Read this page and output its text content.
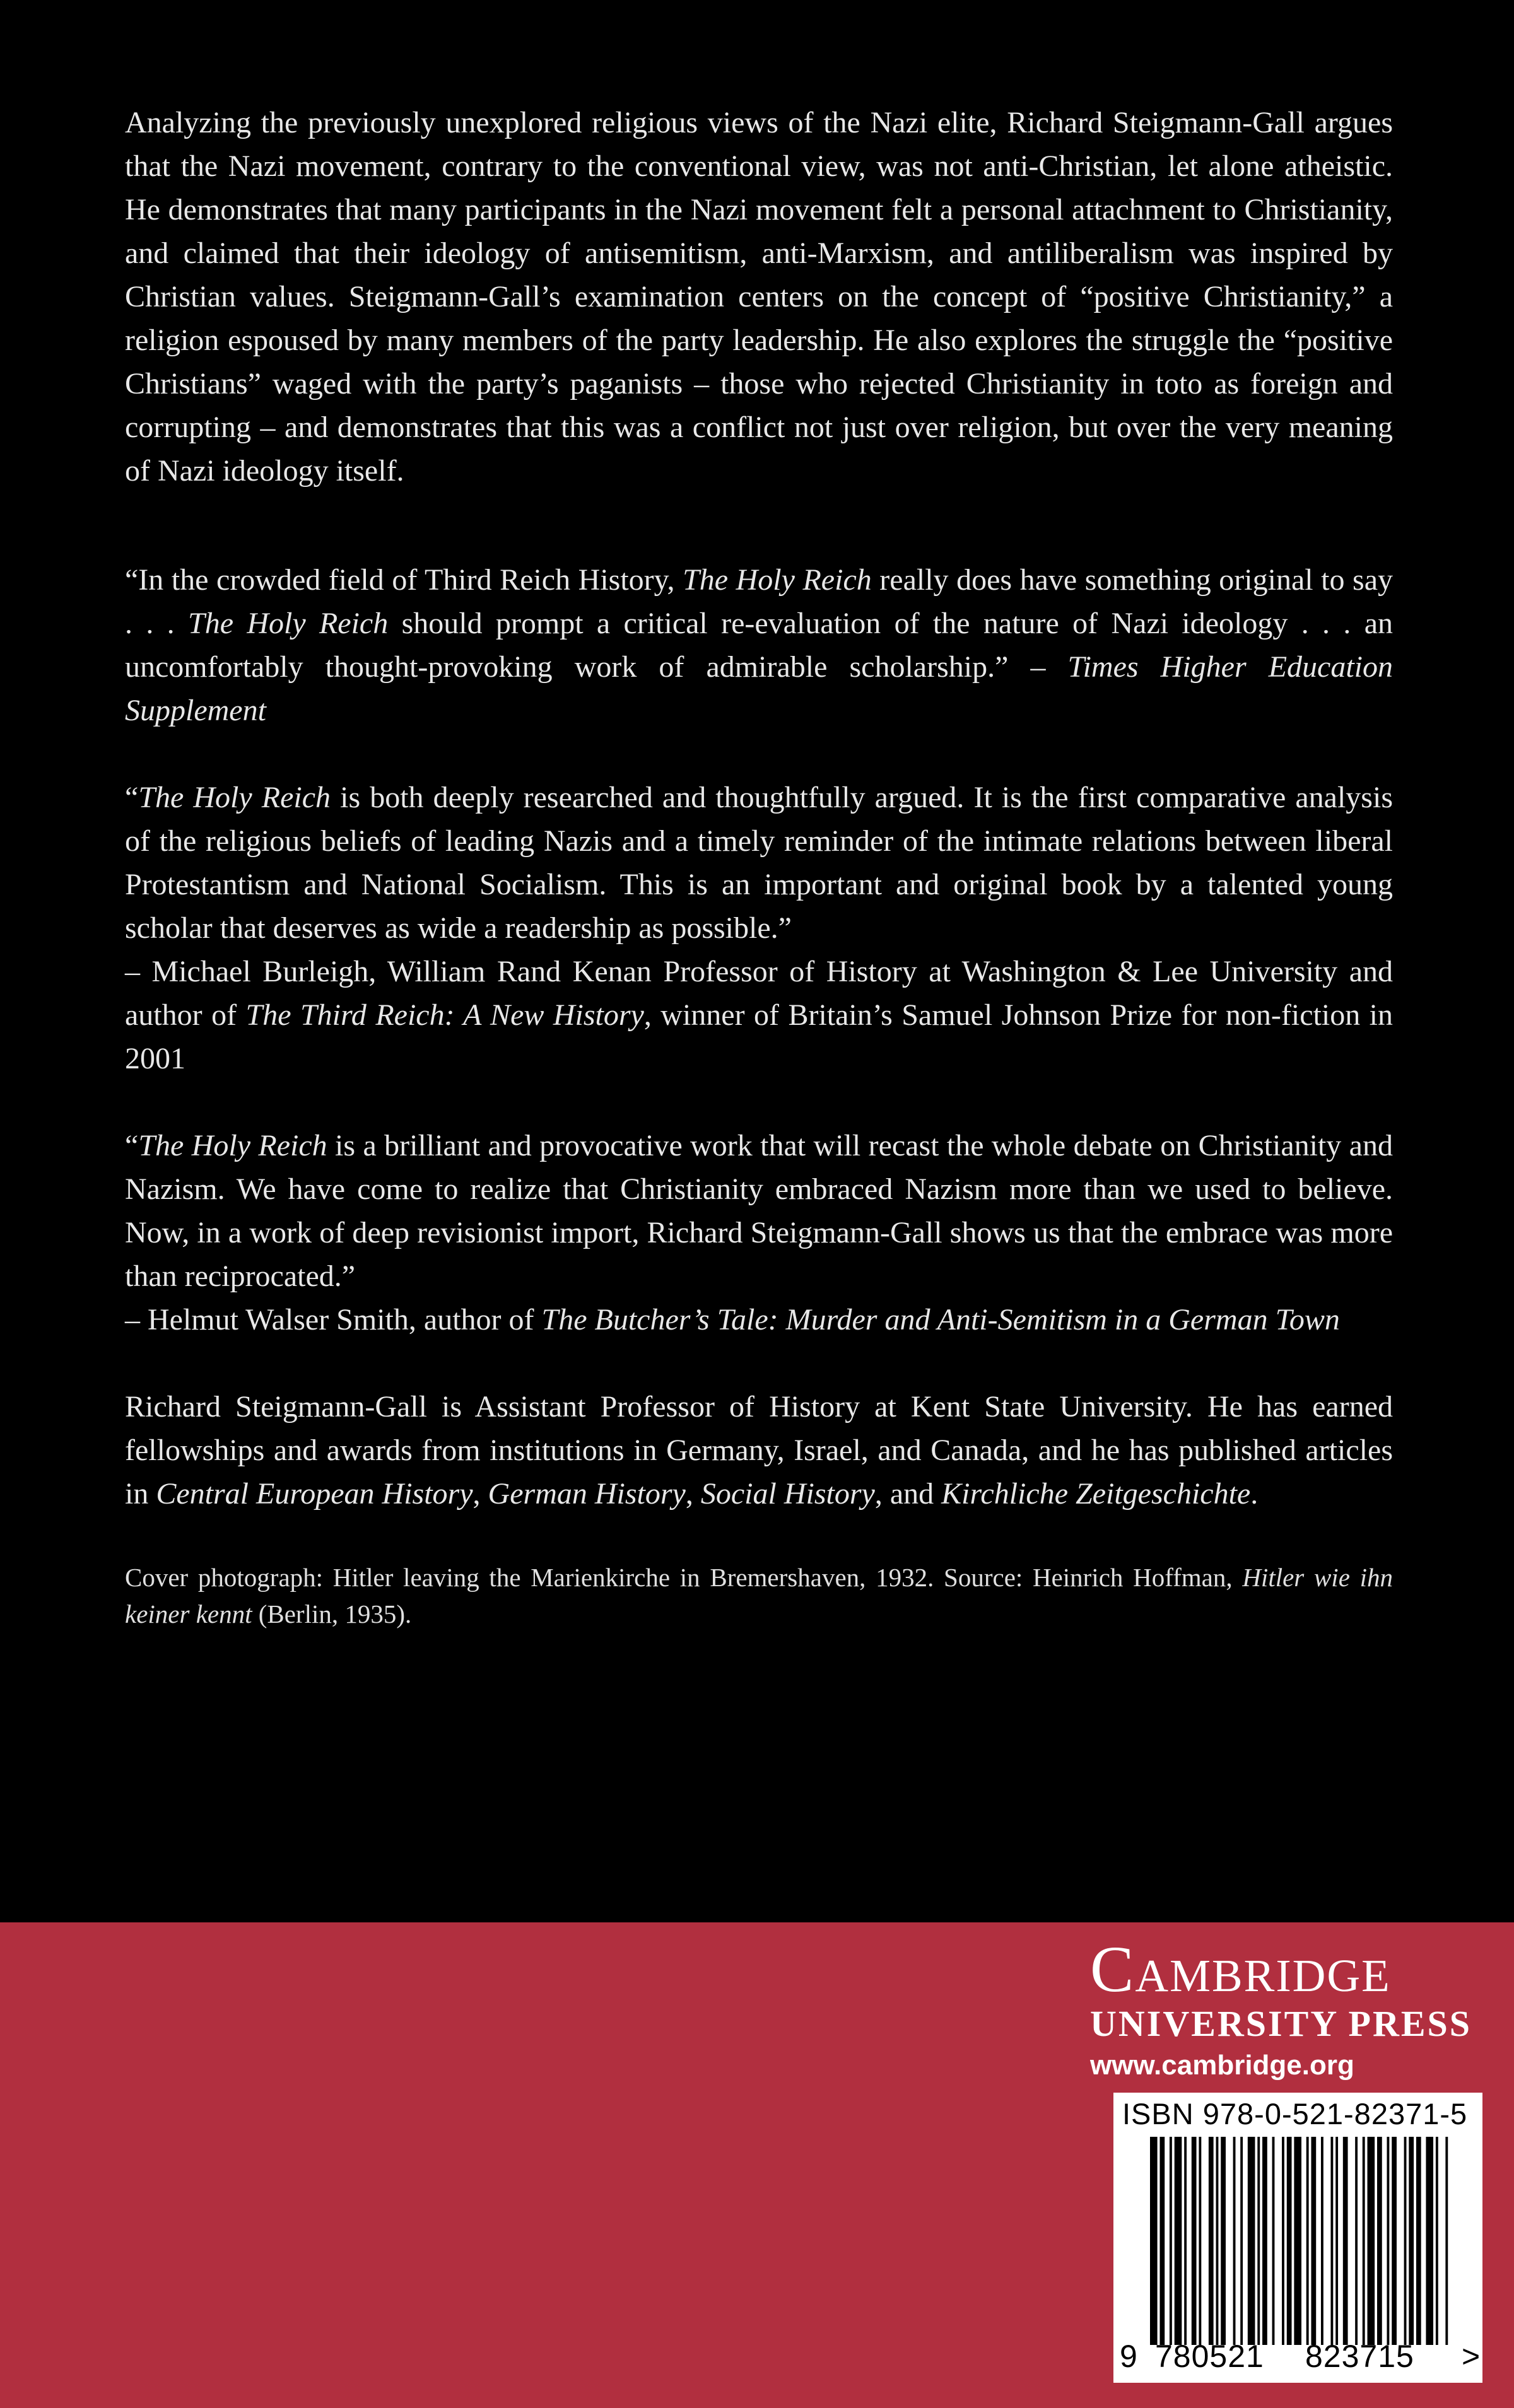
Analyzing the previously unexplored religious views of the Nazi elite, Richard Steigmann-Gall argues that the Nazi movement, contrary to the conventional view, was not anti-Christian, let alone atheistic. He demonstrates that many participants in the Nazi movement felt a personal attachment to Christianity, and claimed that their ideology of antisemitism, anti-Marxism, and antiliberalism was inspired by Christian values. Steigmann-Gall’s examination centers on the concept of “positive Christianity,” a religion espoused by many members of the party leadership. He also explores the struggle the “positive Christians” waged with the party’s paganists – those who rejected Christianity in toto as foreign and corrupting – and demonstrates that this was a conflict not just over religion, but over the very meaning of Nazi ideology itself.

“In the crowded field of Third Reich History, The Holy Reich really does have something original to say . . . The Holy Reich should prompt a critical re-evaluation of the nature of Nazi ideology . . . an uncomfortably thought-provoking work of admirable scholarship.” – Times Higher Education Supplement

“The Holy Reich is both deeply researched and thoughtfully argued. It is the first comparative analysis of the religious beliefs of leading Nazis and a timely reminder of the intimate relations between liberal Protestantism and National Socialism. This is an important and original book by a talented young scholar that deserves as wide a readership as possible.”
– Michael Burleigh, William Rand Kenan Professor of History at Washington & Lee University and author of The Third Reich: A New History, winner of Britain’s Samuel Johnson Prize for non-fiction in 2001

“The Holy Reich is a brilliant and provocative work that will recast the whole debate on Christianity and Nazism. We have come to realize that Christianity embraced Nazism more than we used to believe. Now, in a work of deep revisionist import, Richard Steigmann-Gall shows us that the embrace was more than reciprocated.”
– Helmut Walser Smith, author of The Butcher’s Tale: Murder and Anti-Semitism in a German Town

Richard Steigmann-Gall is Assistant Professor of History at Kent State University. He has earned fellowships and awards from institutions in Germany, Israel, and Canada, and he has published articles in Central European History, German History, Social History, and Kirchliche Zeitgeschichte.

Cover photograph: Hitler leaving the Marienkirche in Bremershaven, 1932. Source: Heinrich Hoffman, Hitler wie ihn keiner kennt (Berlin, 1935).

Cambridge
UNIVERSITY PRESS
www.cambridge.org
ISBN 978-0-521-82371-5
9 780521 823715 >
